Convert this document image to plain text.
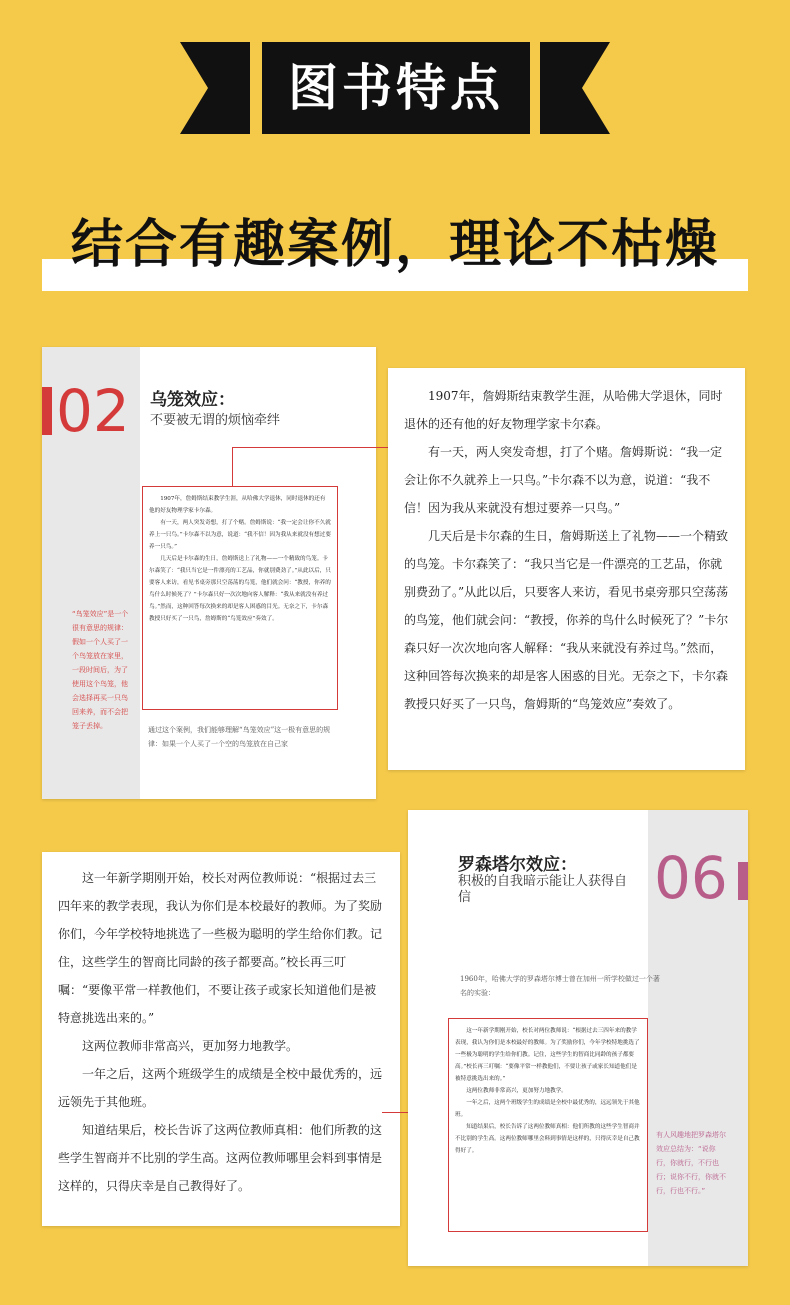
图书特点
结合有趣案例，理论不枯燥
02 乌笼效应：
不要被无谓的烦恼牵绊

1907年，詹姆斯结束教学生涯，从哈佛大学退休，同时退休的还有他的好友物理学家卡尔森。

有一天，两人突发奇想，打了个赌。詹姆斯说：“我一定会让你不久就养上一只鸟。”卡尔森不以为意，说道：“我不信！因为我从来就没有想过要养一只鸟。”

几天后是卡尔森的生日，詹姆斯送上了礼物——一个精致的鸟笼。卡尔森笑了：“我只当它是一件漂亮的工艺品，你就别费劲了。”从此以后，只要客人来访，看见书桌旁那只空荡荡的鸟笼，他们就会问：“教授，你养的鸟什么时候死了？”卡尔森只好一次次地向客人解释：“我从来就没有养过鸟。”然而，这种回答每次换来的却是客人困惑的目光。无奈之下，卡尔森教授只好买了一只鸟，詹姆斯的“鸟笼效应”奏效了。

“鸟笼效应”是一个很有意思的规律：假如一个人买了一个鸟笼放在家里，一段时间后，为了使用这个鸟笼，他会选择再买一只鸟回来养，而不会把笼子丢掉。	通过这个案例，我们能够理解“鸟笼效应”这一极有意思的规律：如果一个人买了一个空的鸟笼放在自己家

1907年，詹姆斯结束教学生涯，从哈佛大学退休，同时退休的还有他的好友物理学家卡尔森。

有一天，两人突发奇想，打了个赌。詹姆斯说：“我一定会让你不久就养上一只鸟。”卡尔森不以为意，说道：“我不信！因为我从来就没有想过要养一只鸟。”

几天后是卡尔森的生日，詹姆斯送上了礼物——一个精致的鸟笼。卡尔森笑了：“我只当它是一件漂亮的工艺品，你就别费劲了。”从此以后，只要客人来访，看见书桌旁那只空荡荡的鸟笼，他们就会问：“教授，你养的鸟什么时候死了？”卡尔森只好一次次地向客人解释：“我从来就没有养过鸟。”然而，这种回答每次换来的却是客人困惑的目光。无奈之下，卡尔森教授只好买了一只鸟，詹姆斯的“鸟笼效应”奏效了。

这一年新学期刚开始，校长对两位教师说：“根据过去三四年来的教学表现，我认为你们是本校最好的教师。为了奖励你们，今年学校特地挑选了一些极为聪明的学生给你们教。记住，这些学生的智商比同龄的孩子都要高。”校长再三叮嘱：“要像平常一样教他们，不要让孩子或家长知道他们是被特意挑选出来的。”

这两位教师非常高兴，更加努力地教学。

一年之后，这两个班级学生的成绩是全校中最优秀的，远远领先于其他班。

知道结果后，校长告诉了这两位教师真相：他们所教的这些学生智商并不比别的学生高。这两位教师哪里会料到事情是这样的，只得庆幸是自己教得好了。

06
罗森塔尔效应：
积极的自我暗示能让人获得自信
1960年，哈佛大学的罗森塔尔博士曾在加州一所学校做过一个著名的实验：

这一年新学期刚开始，校长对两位教师说：“根据过去三四年来的教学表现，我认为你们是本校最好的教师。为了奖励你们，今年学校特地挑选了一些极为聪明的学生给你们教。记住，这些学生的智商比同龄的孩子都要高。”校长再三叮嘱：“要像平常一样教他们，不要让孩子或家长知道他们是被特意挑选出来的。”

这两位教师非常高兴，更加努力地教学。

一年之后，这两个班级学生的成绩是全校中最优秀的，远远领先于其他班。

知道结果后，校长告诉了这两位教师真相：他们所教的这些学生智商并不比别的学生高。这两位教师哪里会料到事情是这样的，只得庆幸是自己教得好了。

有人风趣地把罗森塔尔效应总结为：“说你行，你就行，不行也行；说你不行，你就不行，行也不行。”
